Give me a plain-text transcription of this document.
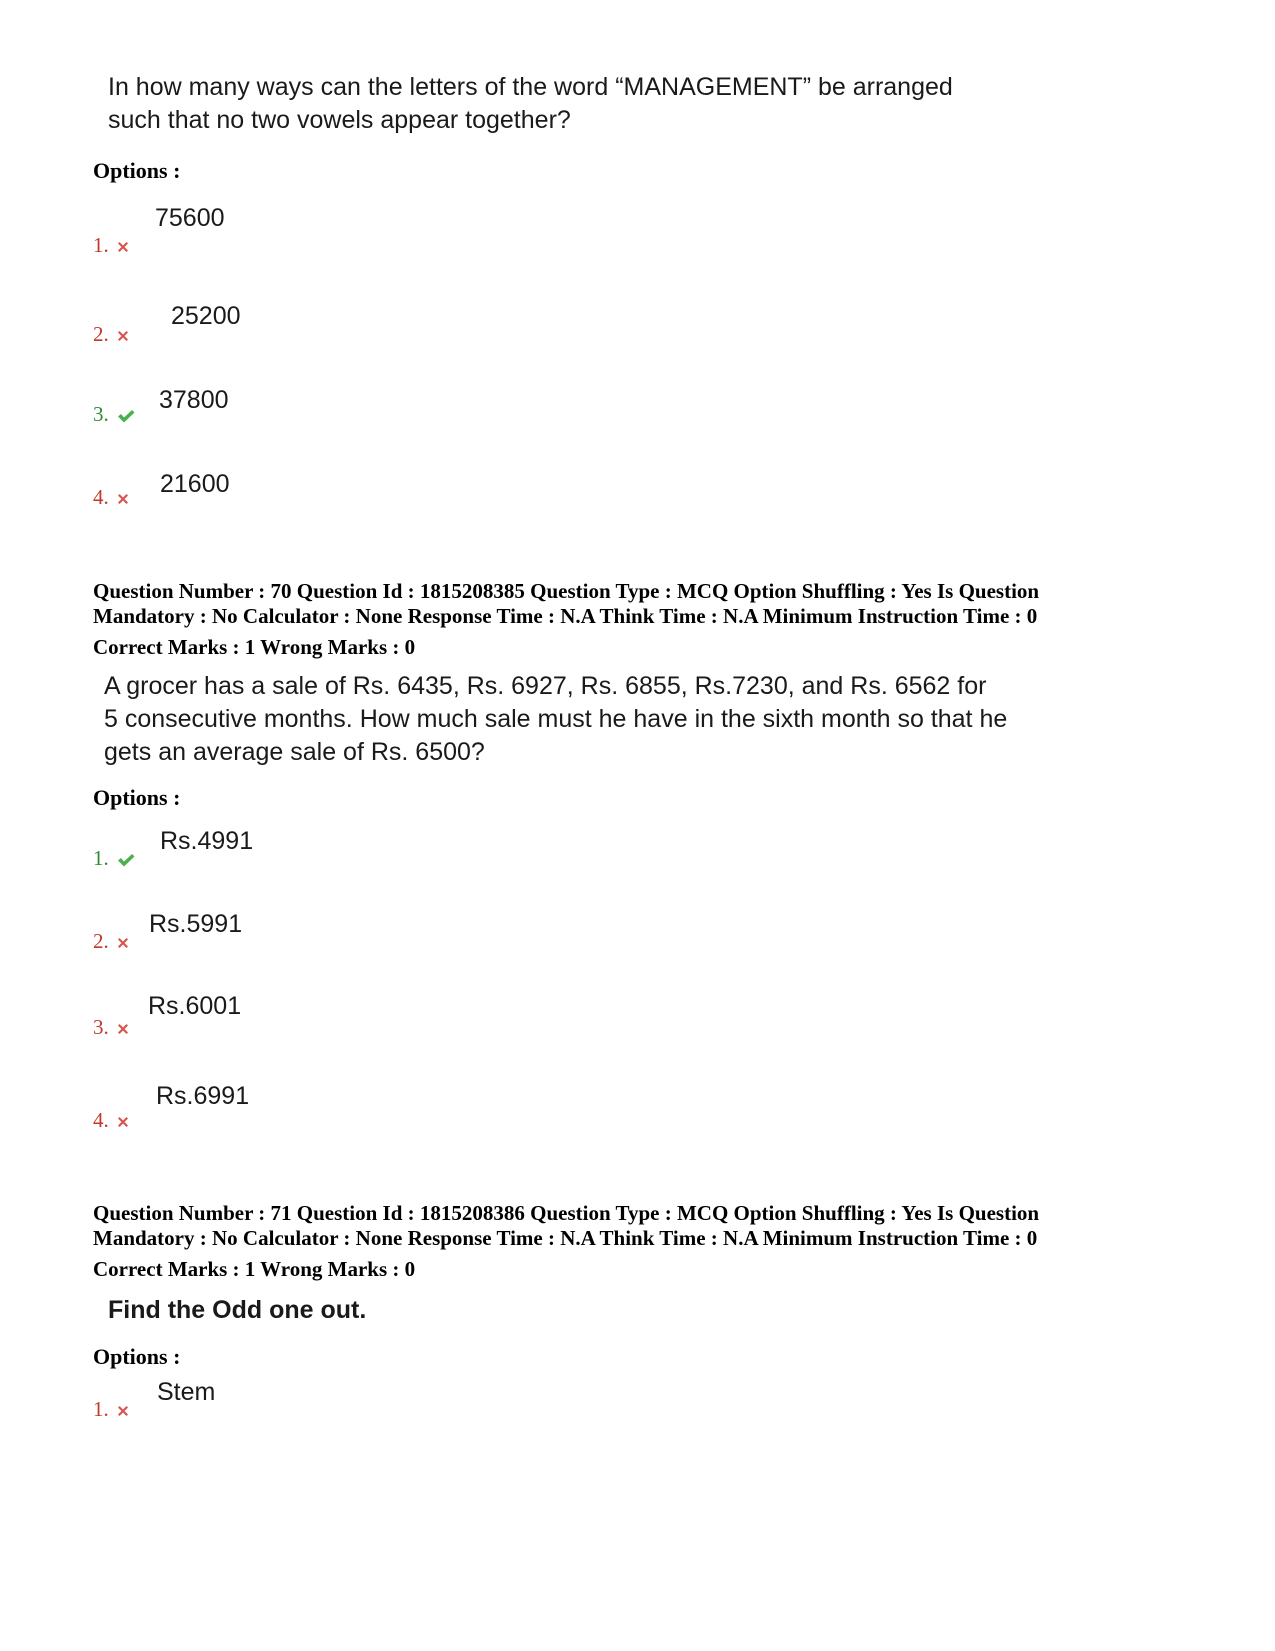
In how many ways can the letters of the word “MANAGEMENT” be arranged
such that no two vowels appear together?
Options :
75600
1.
25200
2.
37800
3.
21600
4.
Question Number : 70 Question Id : 1815208385 Question Type : MCQ Option Shuffling : Yes Is Question
Mandatory : No Calculator : None Response Time : N.A Think Time : N.A Minimum Instruction Time : 0
Correct Marks : 1 Wrong Marks : 0
A grocer has a sale of Rs. 6435, Rs. 6927, Rs. 6855, Rs.7230, and Rs. 6562 for
5 consecutive months. How much sale must he have in the sixth month so that he
gets an average sale of Rs. 6500?
Options :
Rs.4991
1.
Rs.5991
2.
Rs.6001
3.
Rs.6991
4.
Question Number : 71 Question Id : 1815208386 Question Type : MCQ Option Shuffling : Yes Is Question
Mandatory : No Calculator : None Response Time : N.A Think Time : N.A Minimum Instruction Time : 0
Correct Marks : 1 Wrong Marks : 0
Find the Odd one out.
Options :
Stem
1.
